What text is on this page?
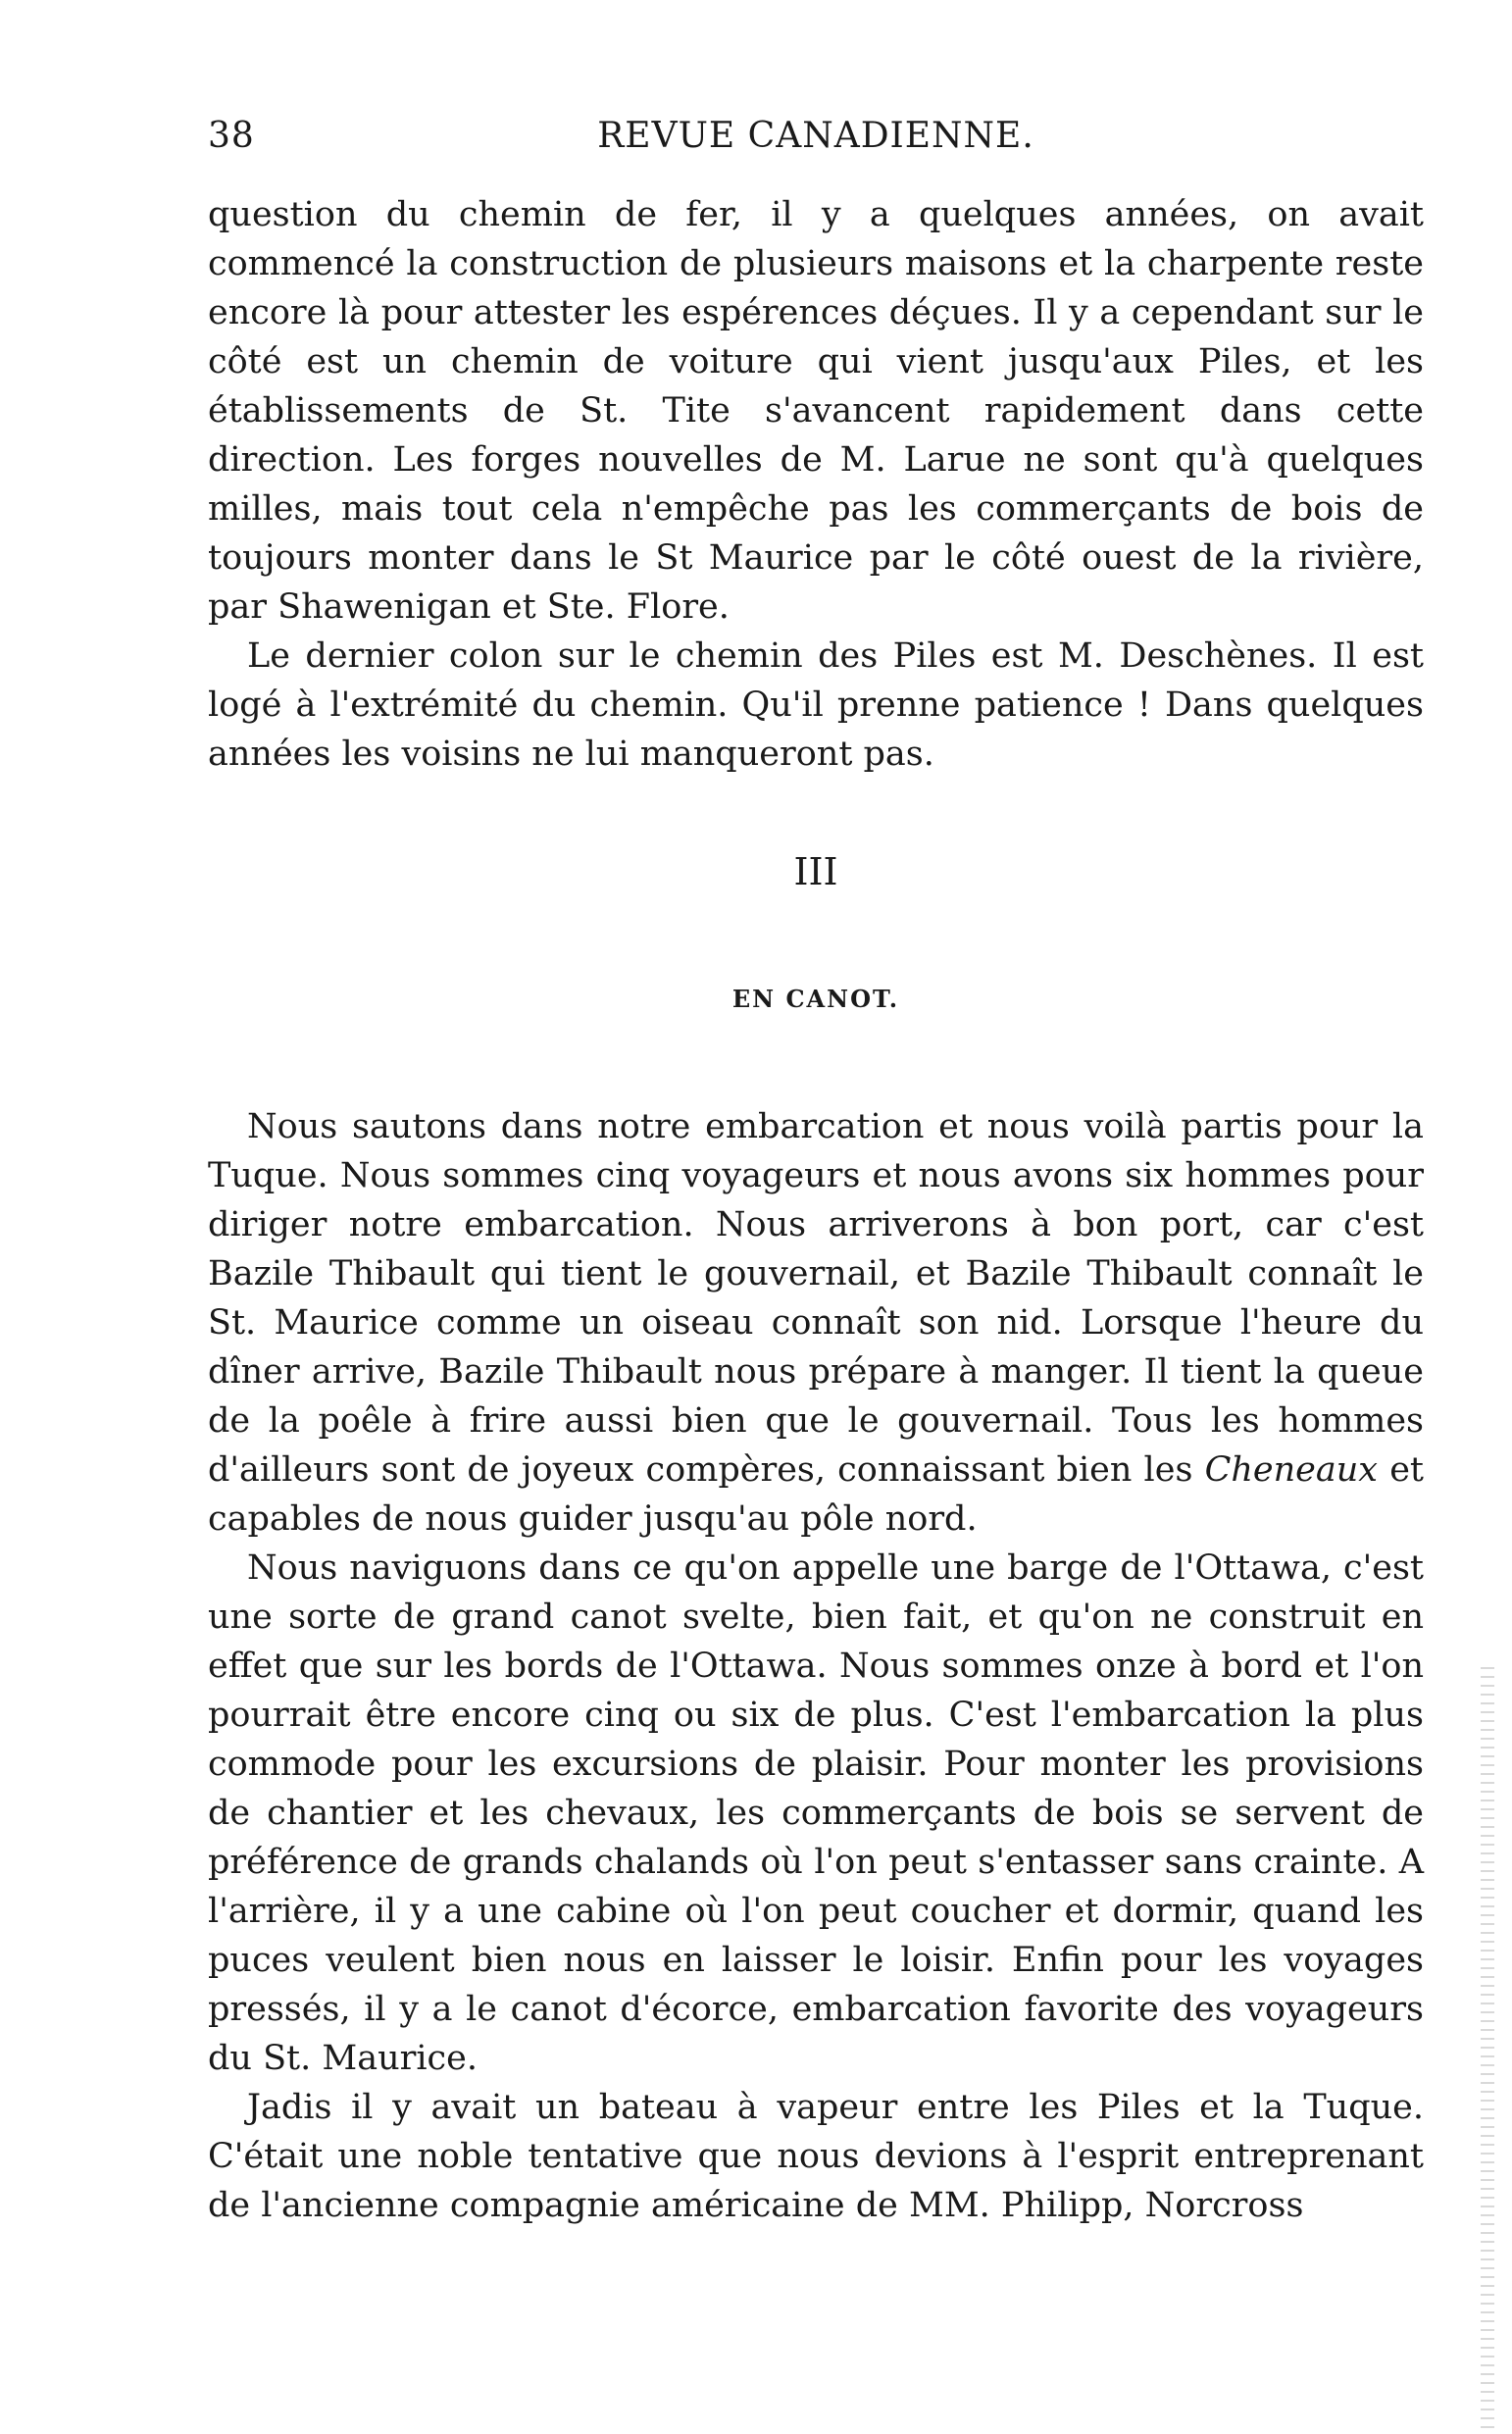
38	REVUE CANADIENNE.

question du chemin de fer, il y a quelques années, on avait commencé la construction de plusieurs maisons et la charpente reste encore là pour attester les espérences déçues. Il y a cependant sur le côté est un chemin de voiture qui vient jusqu'aux Piles, et les établissements de St. Tite s'avancent rapidement dans cette direction. Les forges nouvelles de M. Larue ne sont qu'à quelques milles, mais tout cela n'empêche pas les commerçants de bois de toujours monter dans le St Maurice par le côté ouest de la rivière, par Shawenigan et Ste. Flore.

Le dernier colon sur le chemin des Piles est M. Deschènes. Il est logé à l'extrémité du chemin. Qu'il prenne patience ! Dans quelques années les voisins ne lui manqueront pas.

III
EN CANOT.

Nous sautons dans notre embarcation et nous voilà partis pour la Tuque. Nous sommes cinq voyageurs et nous avons six hommes pour diriger notre embarcation. Nous arriverons à bon port, car c'est Bazile Thibault qui tient le gouvernail, et Bazile Thibault connaît le St. Maurice comme un oiseau connaît son nid. Lorsque l'heure du dîner arrive, Bazile Thibault nous prépare à manger. Il tient la queue de la poêle à frire aussi bien que le gouvernail. Tous les hommes d'ailleurs sont de joyeux compères, connaissant bien les Cheneaux et capables de nous guider jusqu'au pôle nord.

Nous naviguons dans ce qu'on appelle une barge de l'Ottawa, c'est une sorte de grand canot svelte, bien fait, et qu'on ne construit en effet que sur les bords de l'Ottawa. Nous sommes onze à bord et l'on pourrait être encore cinq ou six de plus. C'est l'embarcation la plus commode pour les excursions de plaisir. Pour monter les provisions de chantier et les chevaux, les commerçants de bois se servent de préférence de grands chalands où l'on peut s'entasser sans crainte. A l'arrière, il y a une cabine où l'on peut coucher et dormir, quand les puces veulent bien nous en laisser le loisir. Enfin pour les voyages pressés, il y a le canot d'écorce, embarcation favorite des voyageurs du St. Maurice.

Jadis il y avait un bateau à vapeur entre les Piles et la Tuque. C'était une noble tentative que nous devions à l'esprit entreprenant de l'ancienne compagnie américaine de MM. Philipp, Norcross
